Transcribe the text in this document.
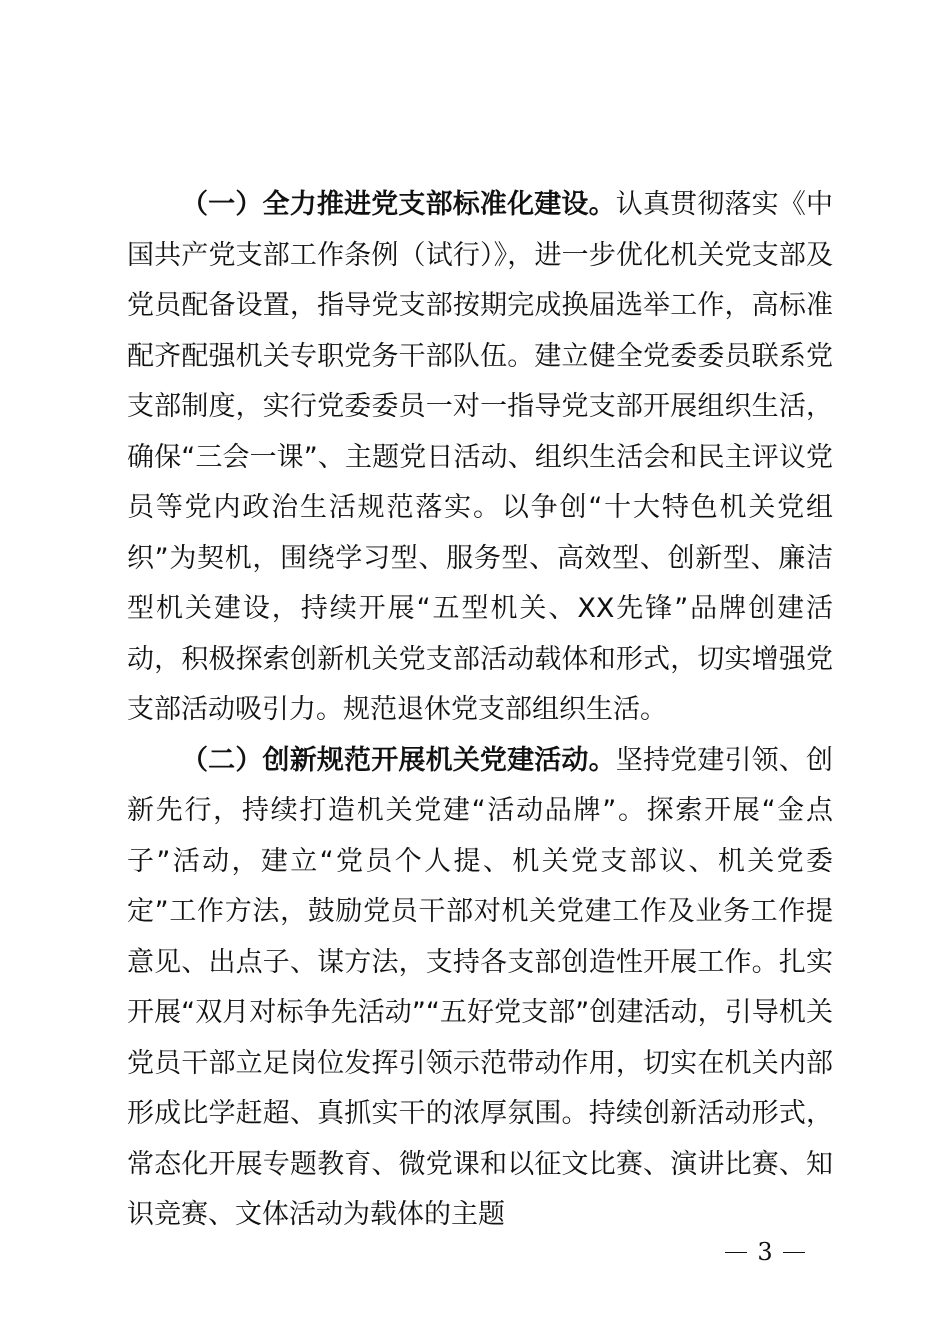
（一）全力推进党支部标准化建设。认真贯彻落实《中国共产党支部工作条例（试行）》，进一步优化机关党支部及党员配备设置，指导党支部按期完成换届选举工作，高标准配齐配强机关专职党务干部队伍。建立健全党委委员联系党支部制度，实行党委委员一对一指导党支部开展组织生活，确保“三会一课”、主题党日活动、组织生活会和民主评议党员等党内政治生活规范落实。以争创“十大特色机关党组织”为契机，围绕学习型、服务型、高效型、创新型、廉洁型机关建设，持续开展“五型机关、XX先锋”品牌创建活动，积极探索创新机关党支部活动载体和形式，切实增强党支部活动吸引力。规范退休党支部组织生活。

（二）创新规范开展机关党建活动。坚持党建引领、创新先行，持续打造机关党建“活动品牌”。探索开展“金点子”活动，建立“党员个人提、机关党支部议、机关党委定”工作方法，鼓励党员干部对机关党建工作及业务工作提意见、出点子、谋方法，支持各支部创造性开展工作。扎实开展“双月对标争先活动”“五好党支部”创建活动，引导机关党员干部立足岗位发挥引领示范带动作用，切实在机关内部形成比学赶超、真抓实干的浓厚氛围。持续创新活动形式，常态化开展专题教育、微党课和以征文比赛、演讲比赛、知识竞赛、文体活动为载体的主题

3
